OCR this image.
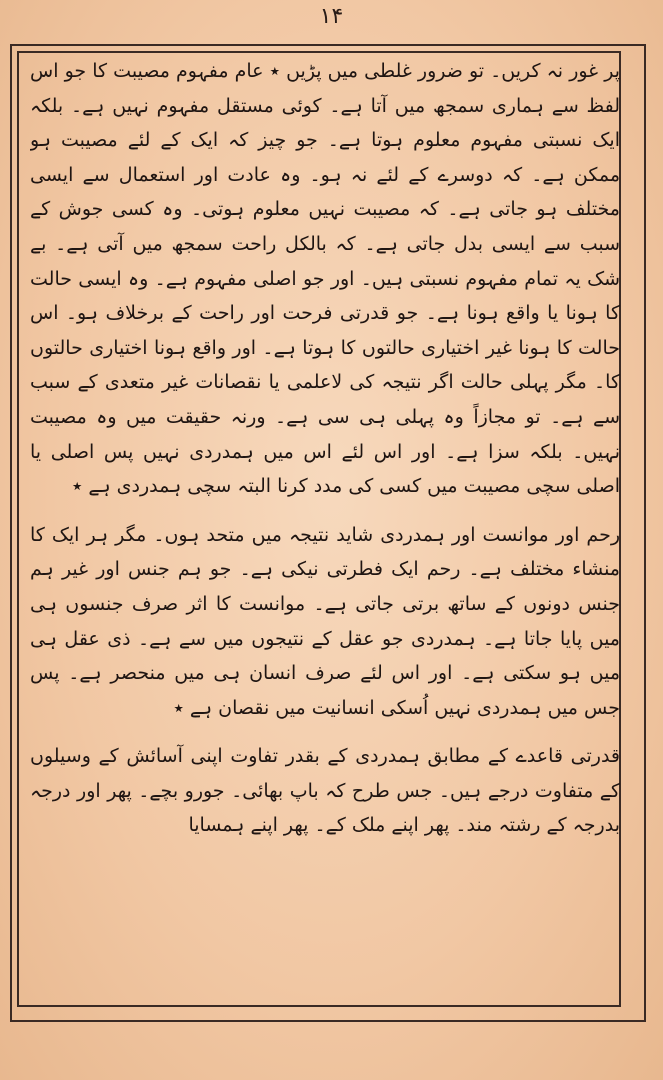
۱۴

پر غور نہ کریں۔ تو ضرور غلطی میں پڑیں ٭ عام مفہوم مصیبت کا جو اس لفظ سے ہماری سمجھ میں آتا ہے۔ کوئی مستقل مفہوم نہیں ہے۔ بلکہ ایک نسبتی مفہوم معلوم ہوتا ہے۔ جو چیز کہ ایک کے لئے مصیبت ہو ممکن ہے۔ کہ دوسرے کے لئے نہ ہو۔ وہ عادت اور استعمال سے ایسی مختلف ہو جاتی ہے۔ کہ مصیبت نہیں معلوم ہوتی۔ وہ کسی جوش کے سبب سے ایسی بدل جاتی ہے۔ کہ بالکل راحت سمجھ میں آتی ہے۔ بے شک یہ تمام مفہوم نسبتی ہیں۔ اور جو اصلی مفہوم ہے۔ وہ ایسی حالت کا ہونا یا واقع ہونا ہے۔ جو قدرتی فرحت اور راحت کے برخلاف ہو۔ اس حالت کا ہونا غیر اختیاری حالتوں کا ہوتا ہے۔ اور واقع ہونا اختیاری حالتوں کا۔ مگر پہلی حالت اگر نتیجہ کی لاعلمی یا نقصانات غیر متعدی کے سبب سے ہے۔ تو مجازاً وہ پہلی ہی سی ہے۔ ورنہ حقیقت میں وہ مصیبت نہیں۔ بلکہ سزا ہے۔ اور اس لئے اس میں ہمدردی نہیں پس اصلی یا اصلی سچی مصیبت میں کسی کی مدد کرنا البتہ سچی ہمدردی ہے ٭

رحم اور موانست اور ہمدردی شاید نتیجہ میں متحد ہوں۔ مگر ہر ایک کا منشاء مختلف ہے۔ رحم ایک فطرتی نیکی ہے۔ جو ہم جنس اور غیر ہم جنس دونوں کے ساتھ برتی جاتی ہے۔ موانست کا اثر صرف جنسوں ہی میں پایا جاتا ہے۔ ہمدردی جو عقل کے نتیجوں میں سے ہے۔ ذی عقل ہی میں ہو سکتی ہے۔ اور اس لئے صرف انسان ہی میں منحصر ہے۔ پس جس میں ہمدردی نہیں اُسکی انسانیت میں نقصان ہے ٭

قدرتی قاعدے کے مطابق ہمدردی کے بقدر تفاوت اپنی آسائش کے وسیلوں کے متفاوت درجے ہیں۔ جس طرح کہ باپ بھائی۔ جورو بچے۔ پھر اور درجہ بدرجہ کے رشتہ مند۔ پھر اپنے ملک کے۔ پھر اپنے ہمسایا
